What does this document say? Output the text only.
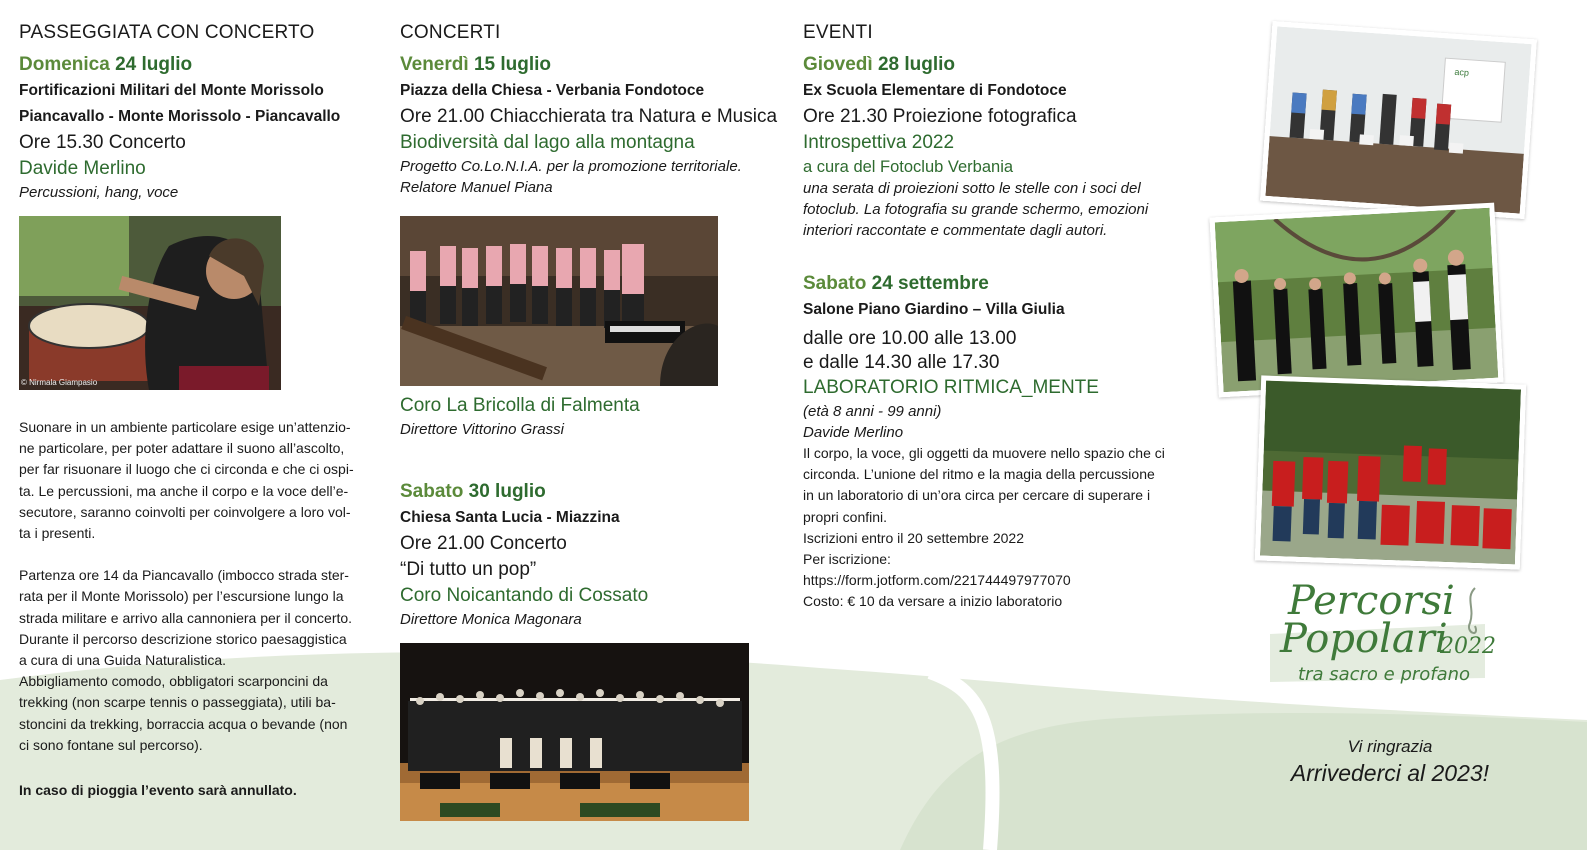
PASSEGGIATA CON CONCERTO
Domenica 24 luglio
Fortificazioni Militari del Monte Morissolo
Piancavallo - Monte Morissolo - Piancavallo
Ore 15.30 Concerto
Davide Merlino
Percussioni, hang, voce
© Nirmala Giampasio
Suonare in un ambiente particolare esige un’attenzio-
ne particolare, per poter adattare il suono all’ascolto,
per far risuonare il luogo che ci circonda e che ci ospi-
ta. Le percussioni, ma anche il corpo e la voce dell’e-
secutore, saranno coinvolti per coinvolgere a loro vol-
ta i presenti.
Partenza ore 14 da Piancavallo (imbocco strada ster-
rata per il Monte Morissolo) per l’escursione lungo la
strada militare e arrivo alla cannoniera per il concerto.
Durante il percorso descrizione storico paesaggistica
a cura di una Guida Naturalistica.
Abbigliamento comodo, obbligatori scarponcini da
trekking (non scarpe tennis o passeggiata), utili ba-
stoncini da trekking, borraccia acqua o bevande (non
ci sono fontane sul percorso).
In caso di pioggia l’evento sarà annullato.
CONCERTI
Venerdì 15 luglio
Piazza della Chiesa - Verbania Fondotoce
Ore 21.00 Chiacchierata tra Natura e Musica
Biodiversità dal lago alla montagna
Progetto Co.Lo.N.I.A. per la promozione territoriale.
Relatore Manuel Piana
Coro La Bricolla di Falmenta
Direttore Vittorino Grassi
Sabato 30 luglio
Chiesa Santa Lucia - Miazzina
Ore 21.00 Concerto
“Di tutto un pop”
Coro Noicantando di Cossato
Direttore Monica Magonara
EVENTI
Giovedì 28 luglio
Ex Scuola Elementare di Fondotoce
Ore 21.30 Proiezione fotografica
Introspettiva 2022
a cura del Fotoclub Verbania
una serata di proiezioni sotto le stelle con i soci del
fotoclub. La fotografia su grande schermo, emozioni
interiori raccontate e commentate dagli autori.
Sabato 24 settembre
Salone Piano Giardino – Villa Giulia
dalle ore 10.00 alle 13.00
e dalle 14.30 alle 17.30
LABORATORIO RITMICA_MENTE
(età 8 anni - 99 anni)
Davide Merlino
Il corpo, la voce, gli oggetti da muovere nello spazio che ci
circonda. L’unione del ritmo e la magia della percussione
in un laboratorio di un’ora circa per cercare di superare i
propri confini.
Iscrizioni entro il 20 settembre 2022
Per iscrizione:
https://form.jotform.com/221744497977070
Costo: € 10 da versare a inizio laboratorio
acp
Percorsi
Popolari
2022
tra sacro e profano
Vi ringrazia
Arrivederci al 2023!
